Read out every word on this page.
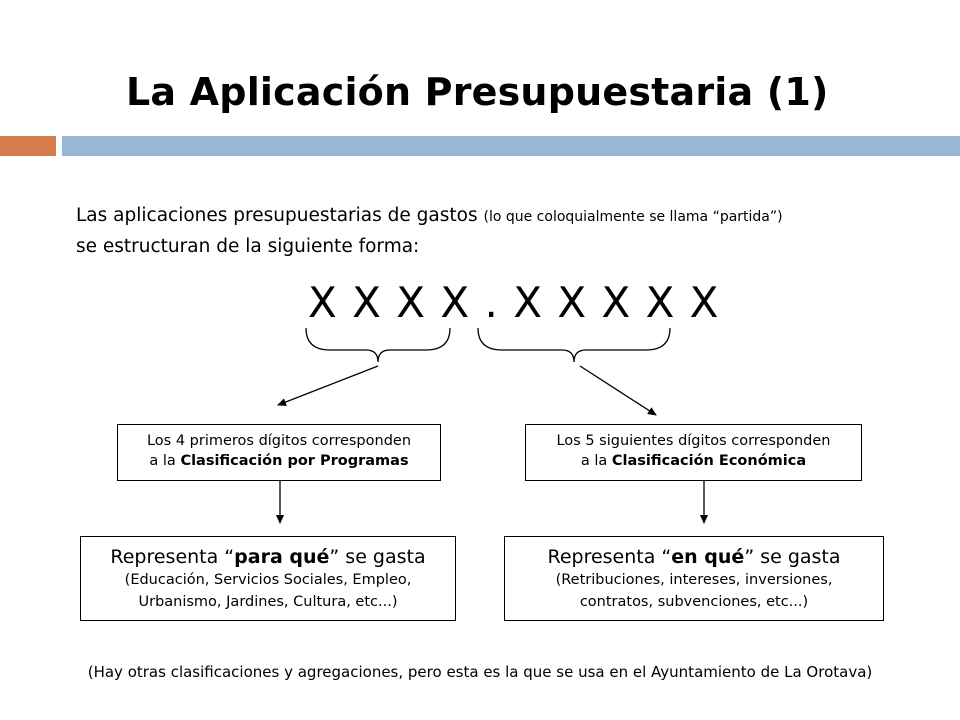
La Aplicación Presupuestaria (1)
Las aplicaciones presupuestarias de gastos (lo que coloquialmente se llama “partida”)
se estructuran de la siguiente forma:
X X X X . X X X X X
Los 4 primeros dígitos corresponden
a la Clasificación por Programas
Los 5 siguientes dígitos corresponden
a la Clasificación Económica
Representa “para qué” se gasta
(Educación, Servicios Sociales, Empleo,
Urbanismo, Jardines, Cultura, etc...)
Representa “en qué” se gasta
(Retribuciones, intereses, inversiones,
contratos, subvenciones, etc...)
(Hay otras clasificaciones y agregaciones, pero esta es la que se usa en el Ayuntamiento de La Orotava)
